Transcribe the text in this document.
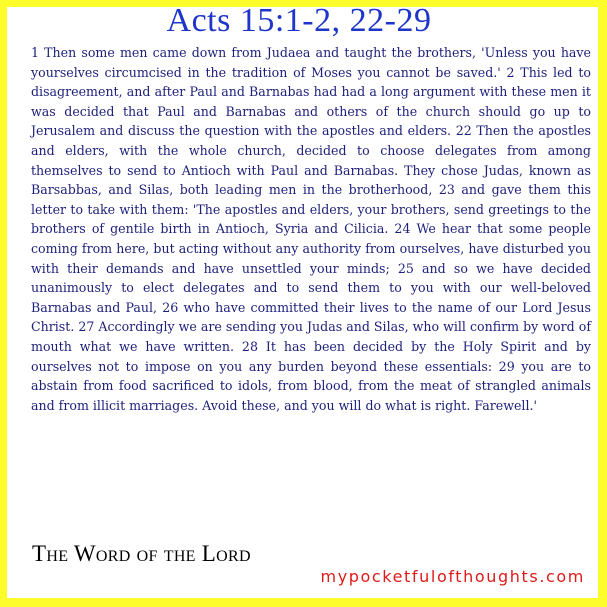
Acts 15:1-2, 22-29
1 Then some men came down from Judaea and taught the brothers, 'Unless you have yourselves circumcised in the tradition of Moses you cannot be saved.' 2 This led to disagreement, and after Paul and Barnabas had had a long argument with these men it was decided that Paul and Barnabas and others of the church should go up to Jerusalem and discuss the question with the apostles and elders. 22 Then the apostles and elders, with the whole church, decided to choose delegates from among themselves to send to Antioch with Paul and Barnabas. They chose Judas, known as Barsabbas, and Silas, both leading men in the brotherhood, 23 and gave them this letter to take with them: 'The apostles and elders, your brothers, send greetings to the brothers of gentile birth in Antioch, Syria and Cilicia. 24 We hear that some people coming from here, but acting without any authority from ourselves, have disturbed you with their demands and have unsettled your minds; 25 and so we have decided unanimously to elect delegates and to send them to you with our well-beloved Barnabas and Paul, 26 who have committed their lives to the name of our Lord Jesus Christ. 27 Accordingly we are sending you Judas and Silas, who will confirm by word of mouth what we have written. 28 It has been decided by the Holy Spirit and by ourselves not to impose on you any burden beyond these essentials: 29 you are to abstain from food sacrificed to idols, from blood, from the meat of strangled animals and from illicit marriages. Avoid these, and you will do what is right. Farewell.'
The Word of the Lord
mypocketfulofthoughts.com
